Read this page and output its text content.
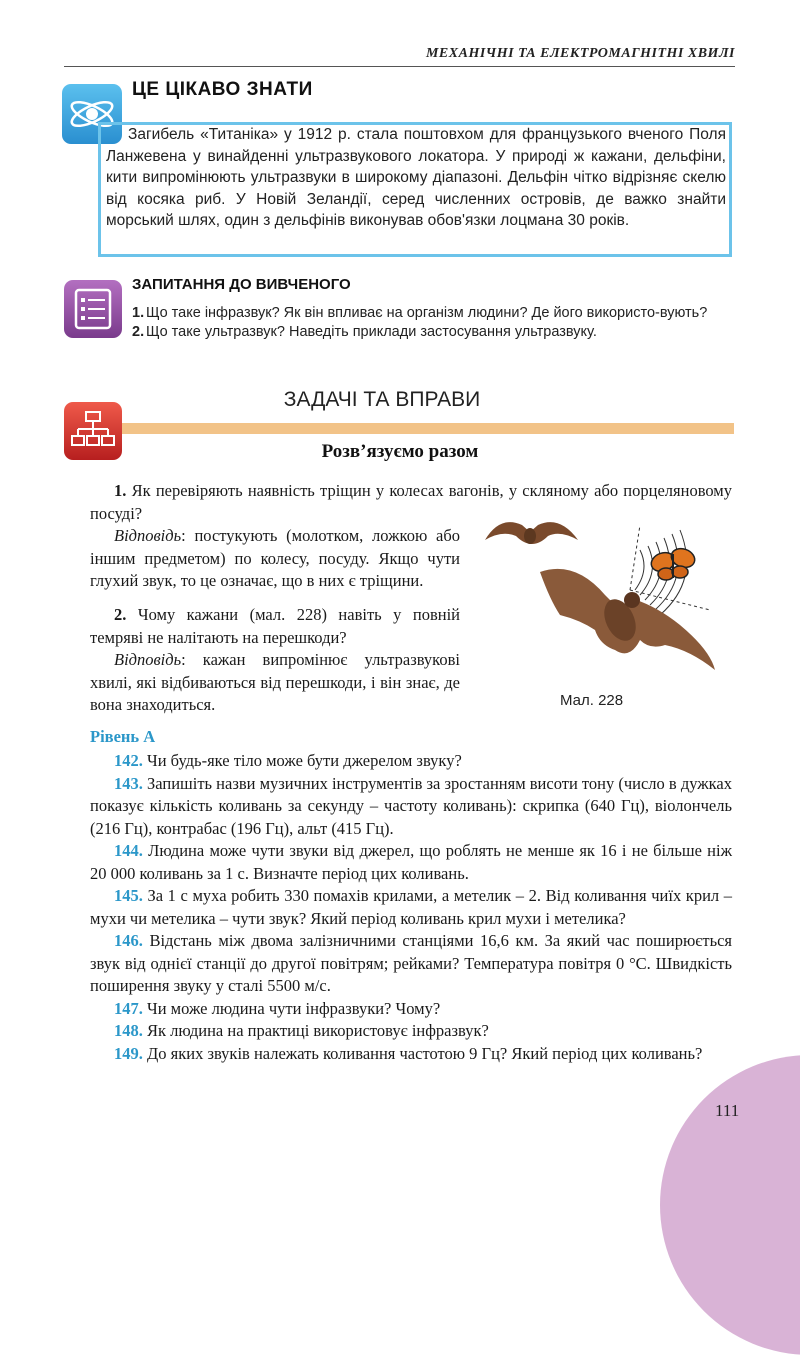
МЕХАНІЧНІ ТА ЕЛЕКТРОМАГНІТНІ ХВИЛІ
ЦЕ ЦІКАВО ЗНАТИ
Загибель «Титаніка» у 1912 р. стала поштовхом для французького вченого Поля Ланжевена у винайденні ультразвукового локатора. У природі ж кажани, дельфіни, кити випромінюють ультразвуки в широкому діапазоні. Дельфін чітко відрізняє скелю від косяка риб. У Новій Зеландії, серед численних островів, де важко знайти морський шлях, один з дельфінів виконував обов'язки лоцмана 30 років.
ЗАПИТАННЯ ДО ВИВЧЕНОГО
1. Що таке інфразвук? Як він впливає на організм людини? Де його використо-вують?
2. Що таке ультразвук? Наведіть приклади застосування ультразвуку.
ЗАДАЧІ ТА ВПРАВИ
Розв’язуємо разом
1. Як перевіряють наявність тріщин у колесах вагонів, у скляному або порцеляновому посуді?
Відповідь: постукують (молотком, ложкою або іншим предметом) по колесу, посуду. Якщо чути глухий звук, то це означає, що в них є тріщини.
2. Чому кажани (мал. 228) навіть у повній темряві не налітають на перешкоди?
Відповідь: кажан випромінює ультразвукові хвилі, які відбиваються від перешкоди, і він знає, де вона знаходиться.	Мал. 228
Рівень А
142. Чи будь-яке тіло може бути джерелом звуку?
143. Запишіть назви музичних інструментів за зростанням висоти тону (число в дужках показує кількість коливань за секунду – частоту коливань): скрипка (640 Гц), віолончель (216 Гц), контрабас (196 Гц), альт (415 Гц).
144. Людина може чути звуки від джерел, що роблять не менше як 16 і не більше ніж 20 000 коливань за 1 с. Визначте період цих коливань.
145. За 1 с муха робить 330 помахів крилами, а метелик – 2. Від коливання чиїх крил – мухи чи метелика – чути звук? Який період коливань крил мухи і метелика?
146. Відстань між двома залізничними станціями 16,6 км. За який час поширюється звук від однієї станції до другої повітрям; рейками? Температура повітря 0 °С. Швидкість поширення звуку у сталі 5500 м/с.
147. Чи може людина чути інфразвуки? Чому?
148. Як людина на практиці використовує інфразвук?
149. До яких звуків належать коливання частотою 9 Гц? Який період цих коливань?
111
